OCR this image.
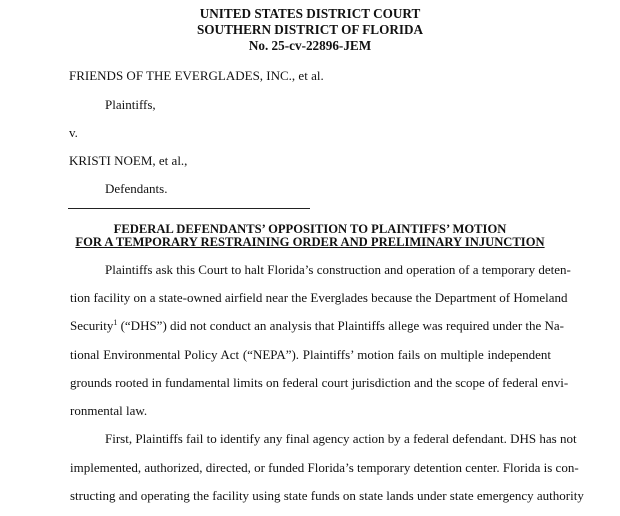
UNITED STATES DISTRICT COURT
SOUTHERN DISTRICT OF FLORIDA
No. 25-cv-22896-JEM
FRIENDS OF THE EVERGLADES, INC., et al.
Plaintiffs,
v.
KRISTI NOEM, et al.,
Defendants.
FEDERAL DEFENDANTS’ OPPOSITION TO PLAINTIFFS’ MOTION
FOR A TEMPORARY RESTRAINING ORDER AND PRELIMINARY INJUNCTION
Plaintiffs ask this Court to halt Florida’s construction and operation of a temporary deten-
tion facility on a state-owned airfield near the Everglades because the Department of Homeland
Security$^1$ (“DHS”) did not conduct an analysis that Plaintiffs allege was required under the Na-
tional Environmental Policy Act (“NEPA”). Plaintiffs’ motion fails on multiple independent
grounds rooted in fundamental limits on federal court jurisdiction and the scope of federal envi-
ronmental law.
First, Plaintiffs fail to identify any final agency action by a federal defendant. DHS has not
implemented, authorized, directed, or funded Florida’s temporary detention center. Florida is con-
structing and operating the facility using state funds on state lands under state emergency authority
